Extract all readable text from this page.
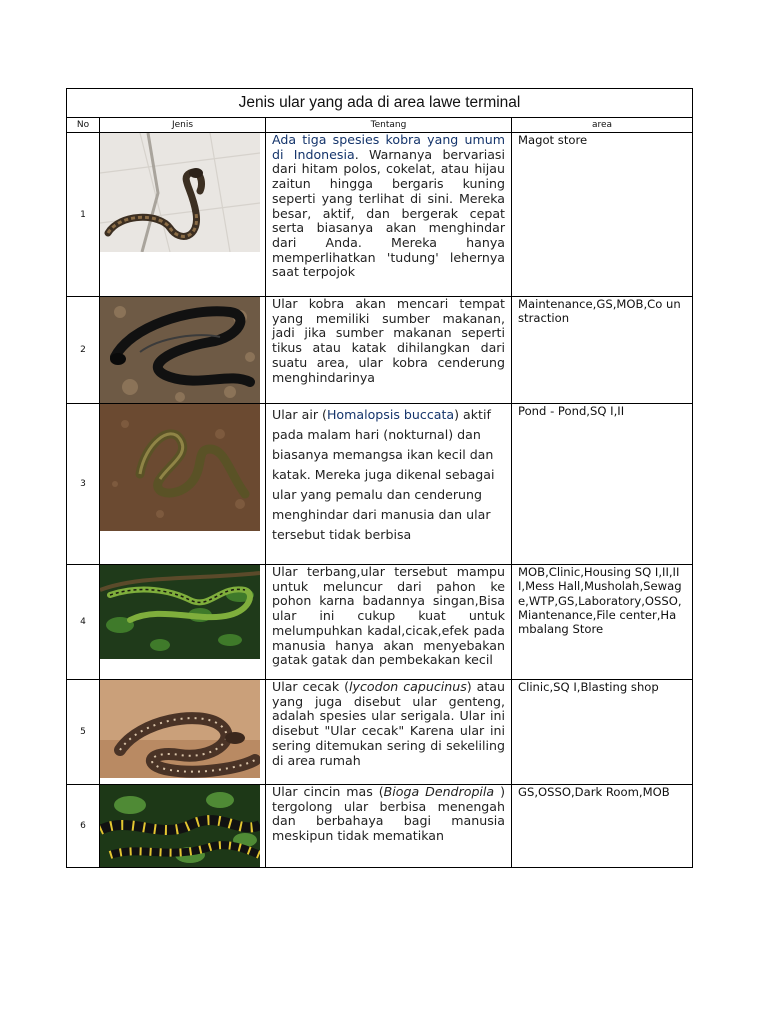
Jenis ular yang ada di area lawe terminal			
No	Jenis	Tentang	area
1		Ada tiga spesies kobra yang umum di Indonesia. Warnanya bervariasi dari hitam polos, cokelat, atau hijau zaitun hingga bergaris kuning seperti yang terlihat di sini. Mereka besar, aktif, dan bergerak cepat serta biasanya akan menghindar dari Anda. Mereka hanya memperlihatkan 'tudung' lehernya saat terpojok	Magot store
2		Ular kobra akan mencari tempat yang memiliki sumber makanan, jadi jika sumber makanan seperti tikus atau katak dihilangkan dari suatu area, ular kobra cenderung menghindarinya	Maintenance,GS,MOB,Co unstraction
3		Ular air (Homalopsis buccata) aktif pada malam hari (nokturnal) dan biasanya memangsa ikan kecil dan katak. Mereka juga dikenal sebagai ular yang pemalu dan cenderung menghindar dari manusia dan ular tersebut tidak berbisa	Pond - Pond,SQ I,II
4		Ular terbang,ular tersebut mampu untuk meluncur dari pahon ke pohon karna badannya singan,Bisa ular ini cukup kuat untuk melumpuhkan kadal,cicak,efek pada manusia hanya akan menyebakan gatak gatak dan pembekakan kecil	MOB,Clinic,Housing SQ I,II,III,Mess Hall,Musholah,Sewage,WTP,GS,Laboratory,OSSO, Miantenance,File center,Hambalang Store
5		Ular cecak (lycodon capucinus) atau yang juga disebut ular genteng, adalah spesies ular serigala. Ular ini disebut "Ular cecak" Karena ular ini sering ditemukan sering di sekeliling di area rumah	Clinic,SQ I,Blasting shop
6		Ular cincin mas (Bioga Dendropila ) tergolong ular berbisa menengah dan berbahaya bagi manusia meskipun tidak mematikan	GS,OSSO,Dark Room,MOB
